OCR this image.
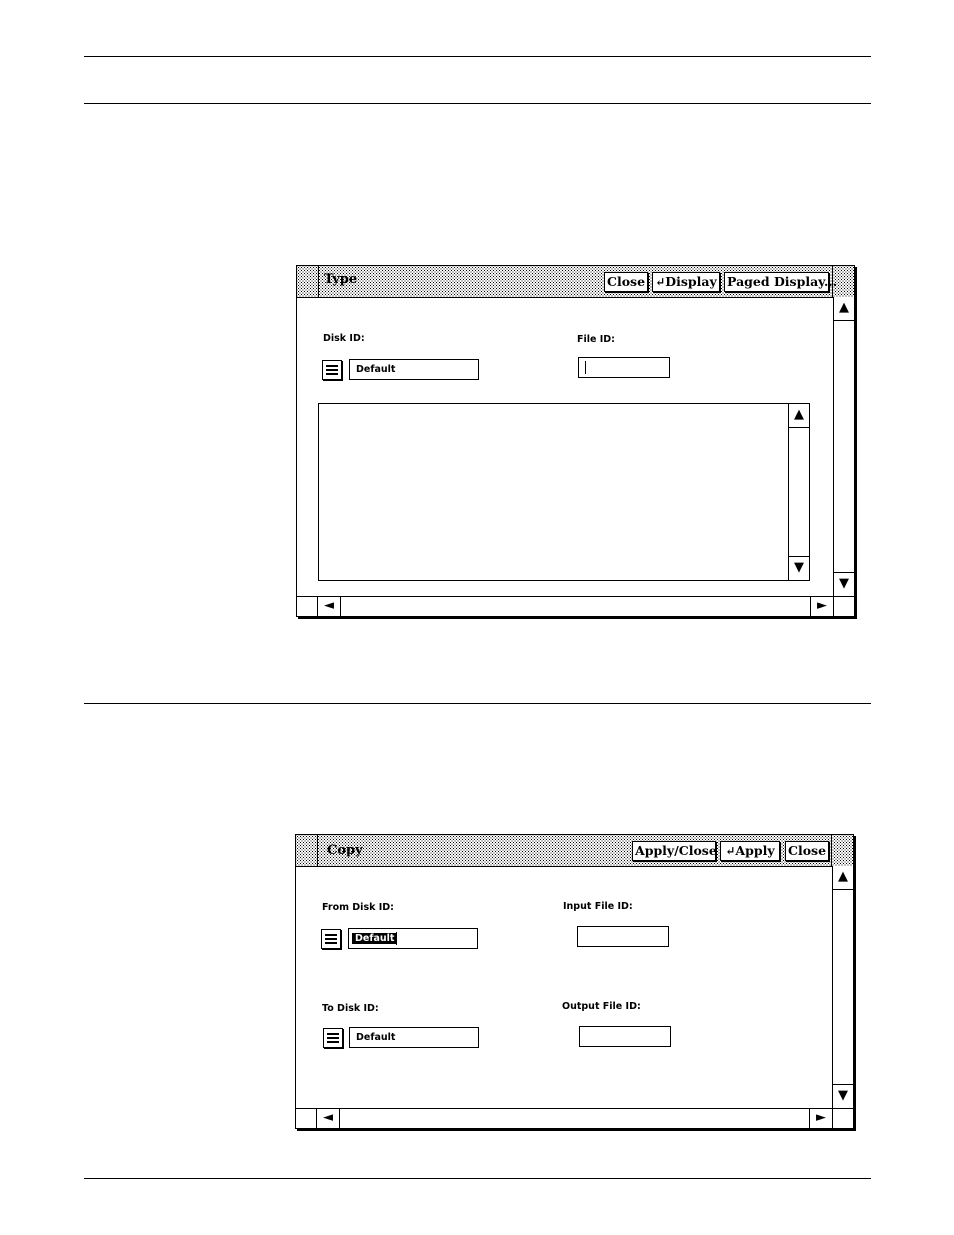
Type	Close ↵Display Paged Display...
Disk ID:
Default
File ID:
▲
▼
▲
▼
◄	►
Copy	Apply/Close ↵Apply	Close
From Disk ID:
Default
Input File ID:
To Disk ID:
Default
Output File ID:
▲
▼
◄	►
